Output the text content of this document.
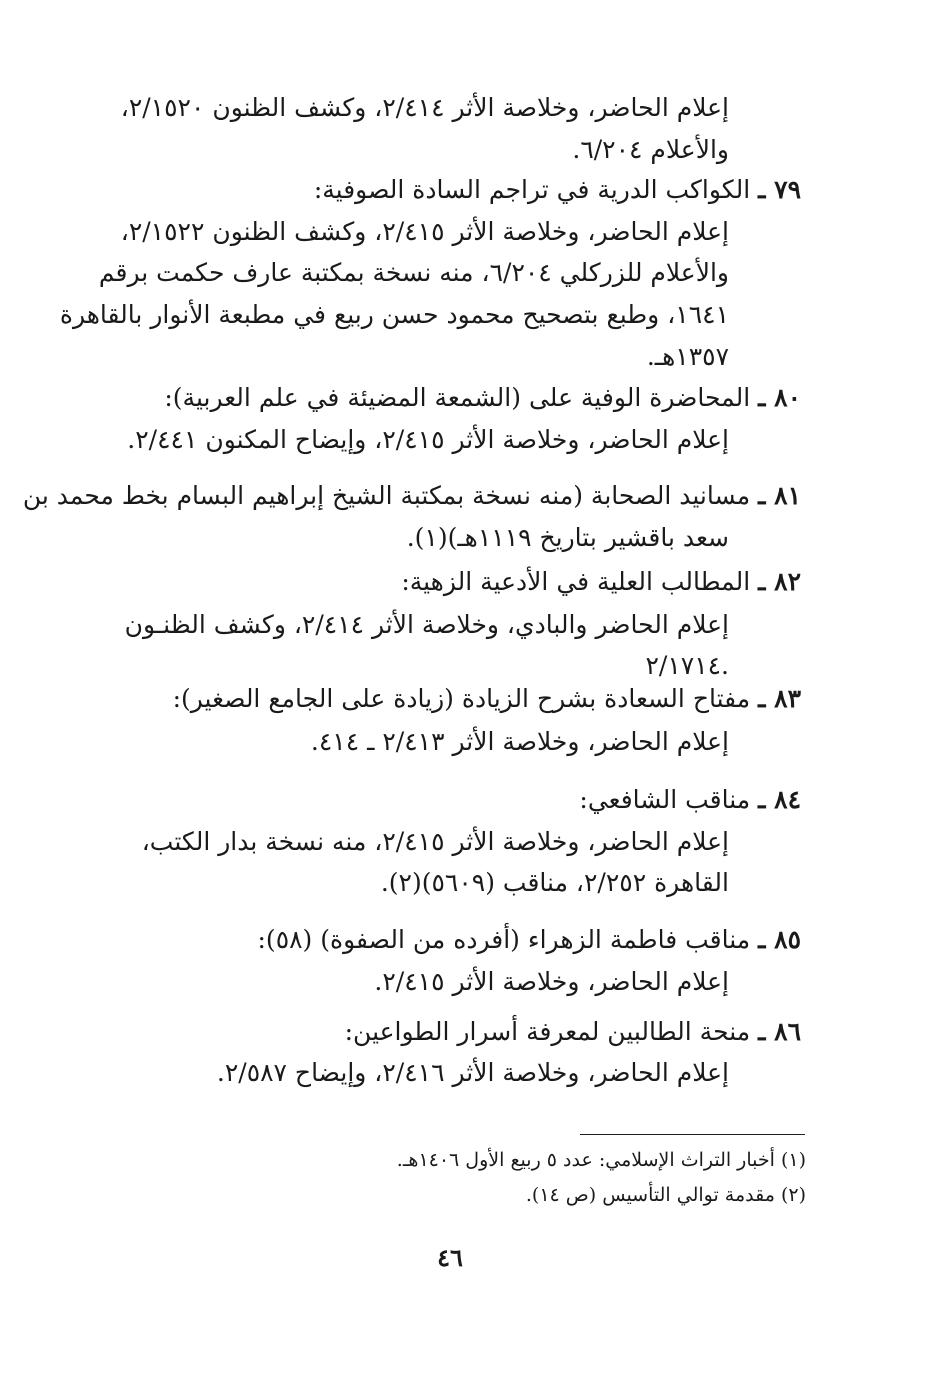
إعلام الحاضر، وخلاصة الأثر ٢/٤١٤، وكشف الظنون ٢/١٥٢٠،
والأعلام ٦/٢٠٤.
٧٩ ـ الكواكب الدرية في تراجم السادة الصوفية:
إعلام الحاضر، وخلاصة الأثر ٢/٤١٥، وكشف الظنون ٢/١٥٢٢،
والأعلام للزركلي ٦/٢٠٤، منه نسخة بمكتبة عارف حكمت برقم
١٦٤١، وطبع بتصحيح محمود حسن ربيع في مطبعة الأنوار بالقاهرة
١٣٥٧هـ.
٨٠ ـ المحاضرة الوفية على (الشمعة المضيئة في علم العربية):
إعلام الحاضر، وخلاصة الأثر ٢/٤١٥، وإيضاح المكنون ٢/٤٤١.
٨١ ـ مسانيد الصحابة (منه نسخة بمكتبة الشيخ إبراهيم البسام بخط محمد بن
سعد باقشير بتاريخ ١١١٩هـ)(١).
٨٢ ـ المطالب العلية في الأدعية الزهية:
إعلام الحاضر والبادي، وخلاصة الأثر ٢/٤١٤، وكشف الظنـون
٢/١٧١٤.
٨٣ ـ مفتاح السعادة بشرح الزيادة (زيادة على الجامع الصغير):
إعلام الحاضر، وخلاصة الأثر ٢/٤١٣ ـ ٤١٤.
٨٤ ـ مناقب الشافعي:
إعلام الحاضر، وخلاصة الأثر ٢/٤١٥، منه نسخة بدار الكتب،
القاهرة ٢/٢٥٢، مناقب (٥٦٠٩)(٢).
٨٥ ـ مناقب فاطمة الزهراء (أفرده من الصفوة) (٥٨):
إعلام الحاضر، وخلاصة الأثر ٢/٤١٥.
٨٦ ـ منحة الطالبين لمعرفة أسرار الطواعين:
إعلام الحاضر، وخلاصة الأثر ٢/٤١٦، وإيضاح ٢/٥٨٧.
(١) أخبار التراث الإسلامي: عدد ٥ ربيع الأول ١٤٠٦هـ.
(٢) مقدمة توالي التأسيس (ص ١٤).
٤٦
